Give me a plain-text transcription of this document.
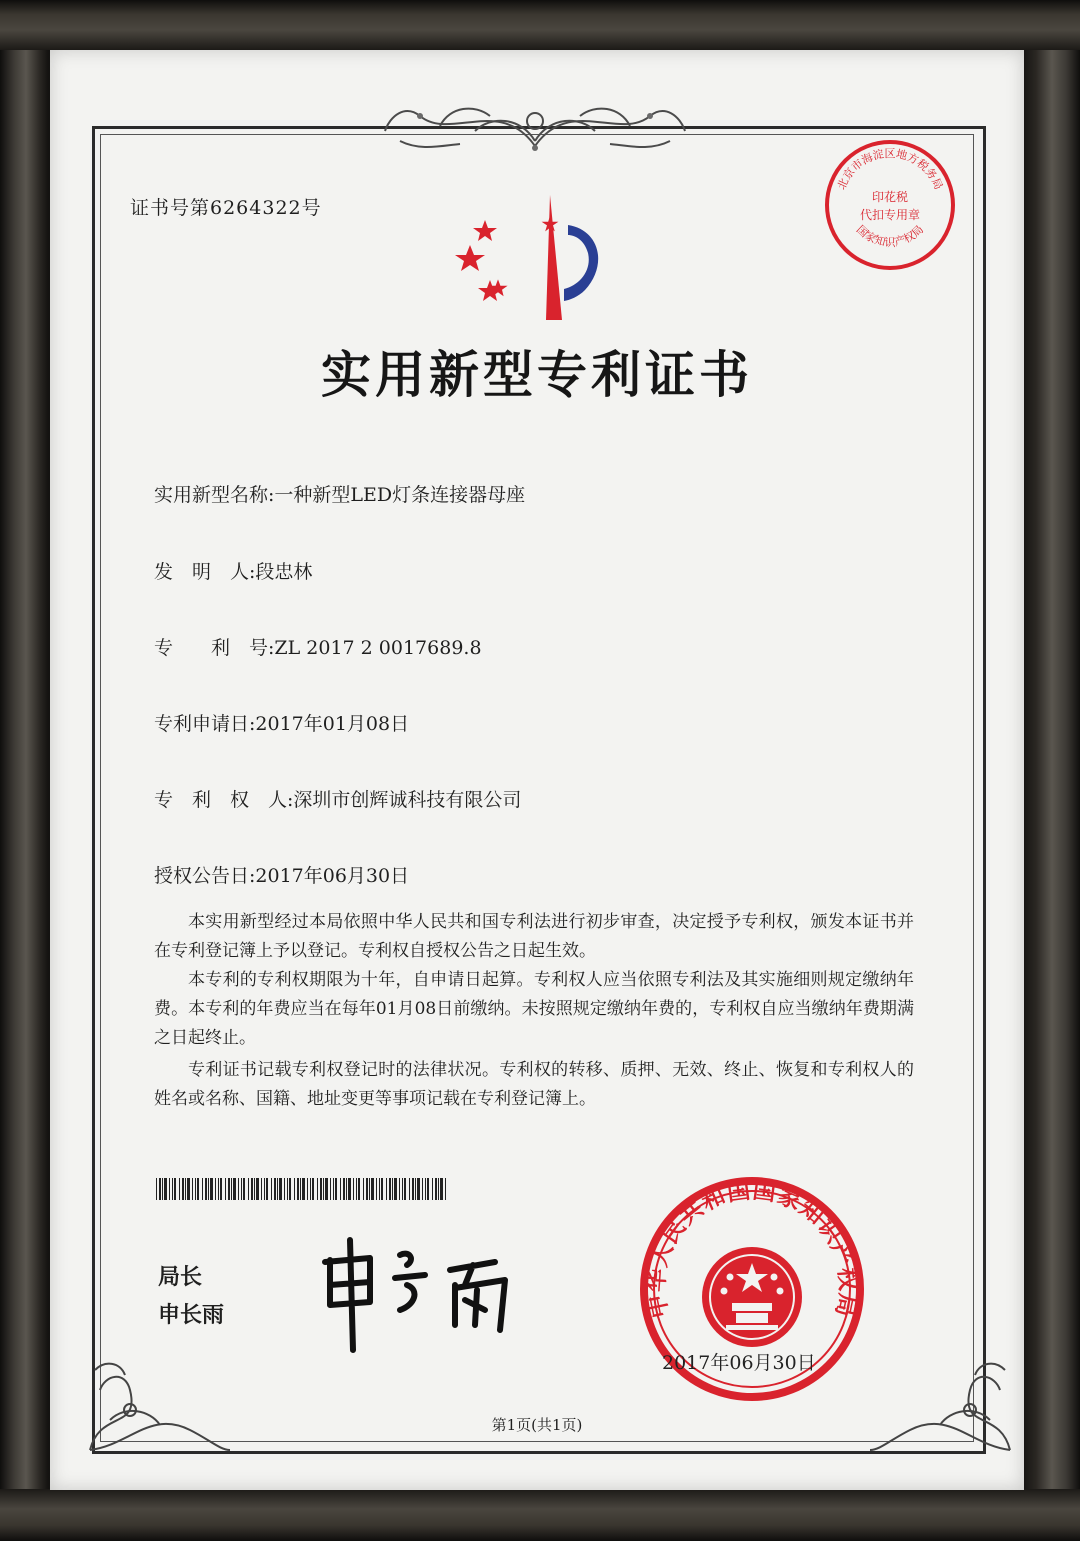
证书号第6264322号
北京市海淀区地方税务局
印花税
代扣专用章
国家知识产权局
实用新型专利证书
实用新型名称:一种新型LED灯条连接器母座
发　明　人:段忠林
专　　利　号:ZL 2017 2 0017689.8
专利申请日:2017年01月08日
专　利　权　人:深圳市创辉诚科技有限公司
授权公告日:2017年06月30日
本实用新型经过本局依照中华人民共和国专利法进行初步审查，决定授予专利权，颁发本证书并在专利登记簿上予以登记。专利权自授权公告之日起生效。
本专利的专利权期限为十年，自申请日起算。专利权人应当依照专利法及其实施细则规定缴纳年费。本专利的年费应当在每年01月08日前缴纳。未按照规定缴纳年费的，专利权自应当缴纳年费期满之日起终止。
专利证书记载专利权登记时的法律状况。专利权的转移、质押、无效、终止、恢复和专利权人的姓名或名称、国籍、地址变更等事项记载在专利登记簿上。
局长
申长雨	中华人民共和国国家知识产权局
2017年06月30日
第1页(共1页)
